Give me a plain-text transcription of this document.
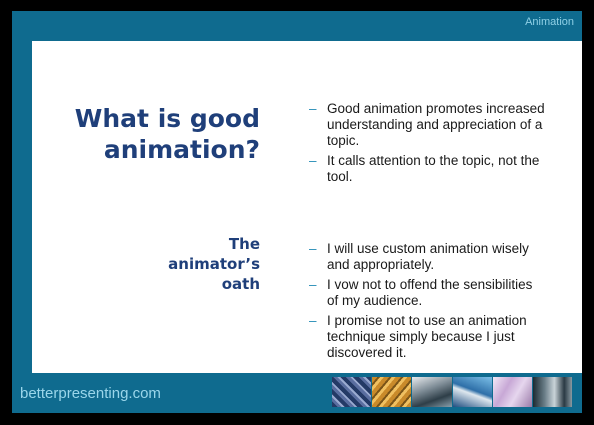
Animation
What is good
animation?
The
animator’s
oath
– Good animation promotes increased understanding and appreciation of a topic.
– It calls attention to the topic, not the tool.
– I will use custom animation wisely and appropriately.
– I vow not to offend the sensibilities of my audience.
– I promise not to use an animation technique simply because I just discovered it.
betterpresenting.com
